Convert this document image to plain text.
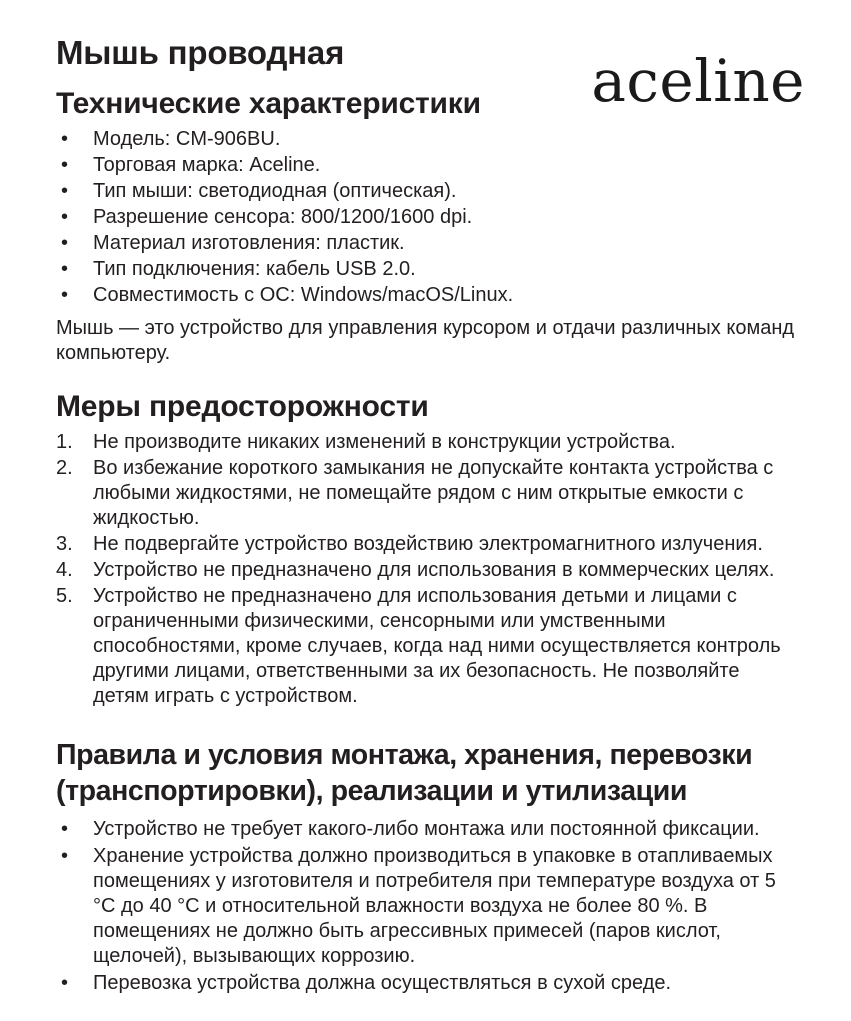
aceline
Мышь проводная
Технические характеристики
• Модель: CM-906BU.
• Торговая марка: Aceline.
• Тип мыши: светодиодная (оптическая).
• Разрешение сенсора: 800/1200/1600 dpi.
• Материал изготовления: пластик.
• Тип подключения: кабель USB 2.0.
• Совместимость с ОС: Windows/macOS/Linux.

Мышь — это устройство для управления курсором и отдачи различных команд компьютеру.

Меры предосторожности
1.	Не производите никаких изменений в конструкции устройства.
2.	Во избежание короткого замыкания не допускайте контакта устройства с любыми жидкостями, не помещайте рядом с ним открытые емкости с жидкостью.
3.	Не подвергайте устройство воздействию электромагнитного излучения.
4.	Устройство не предназначено для использования в коммерческих целях.
5.	Устройство не предназначено для использования детьми и лицами с ограниченными физическими, сенсорными или умственными способностями, кроме случаев, когда над ними осуществляется контроль другими лицами, ответственными за их безопасность. Не позволяйте детям играть с устройством.
Правила и условия монтажа, хранения, перевозки
(транспортировки), реализации и утилизации
• Устройство не требует какого-либо монтажа или постоянной фиксации.
• Хранение устройства должно производиться в упаковке в отапливаемых помещениях у изготовителя и потребителя при температуре воздуха от 5 °C до 40 °C и относительной влажности воздуха не более 80 %. В помещениях не должно быть агрессивных примесей (паров кислот, щелочей), вызывающих коррозию.
• Перевозка устройства должна осуществляться в сухой среде.
